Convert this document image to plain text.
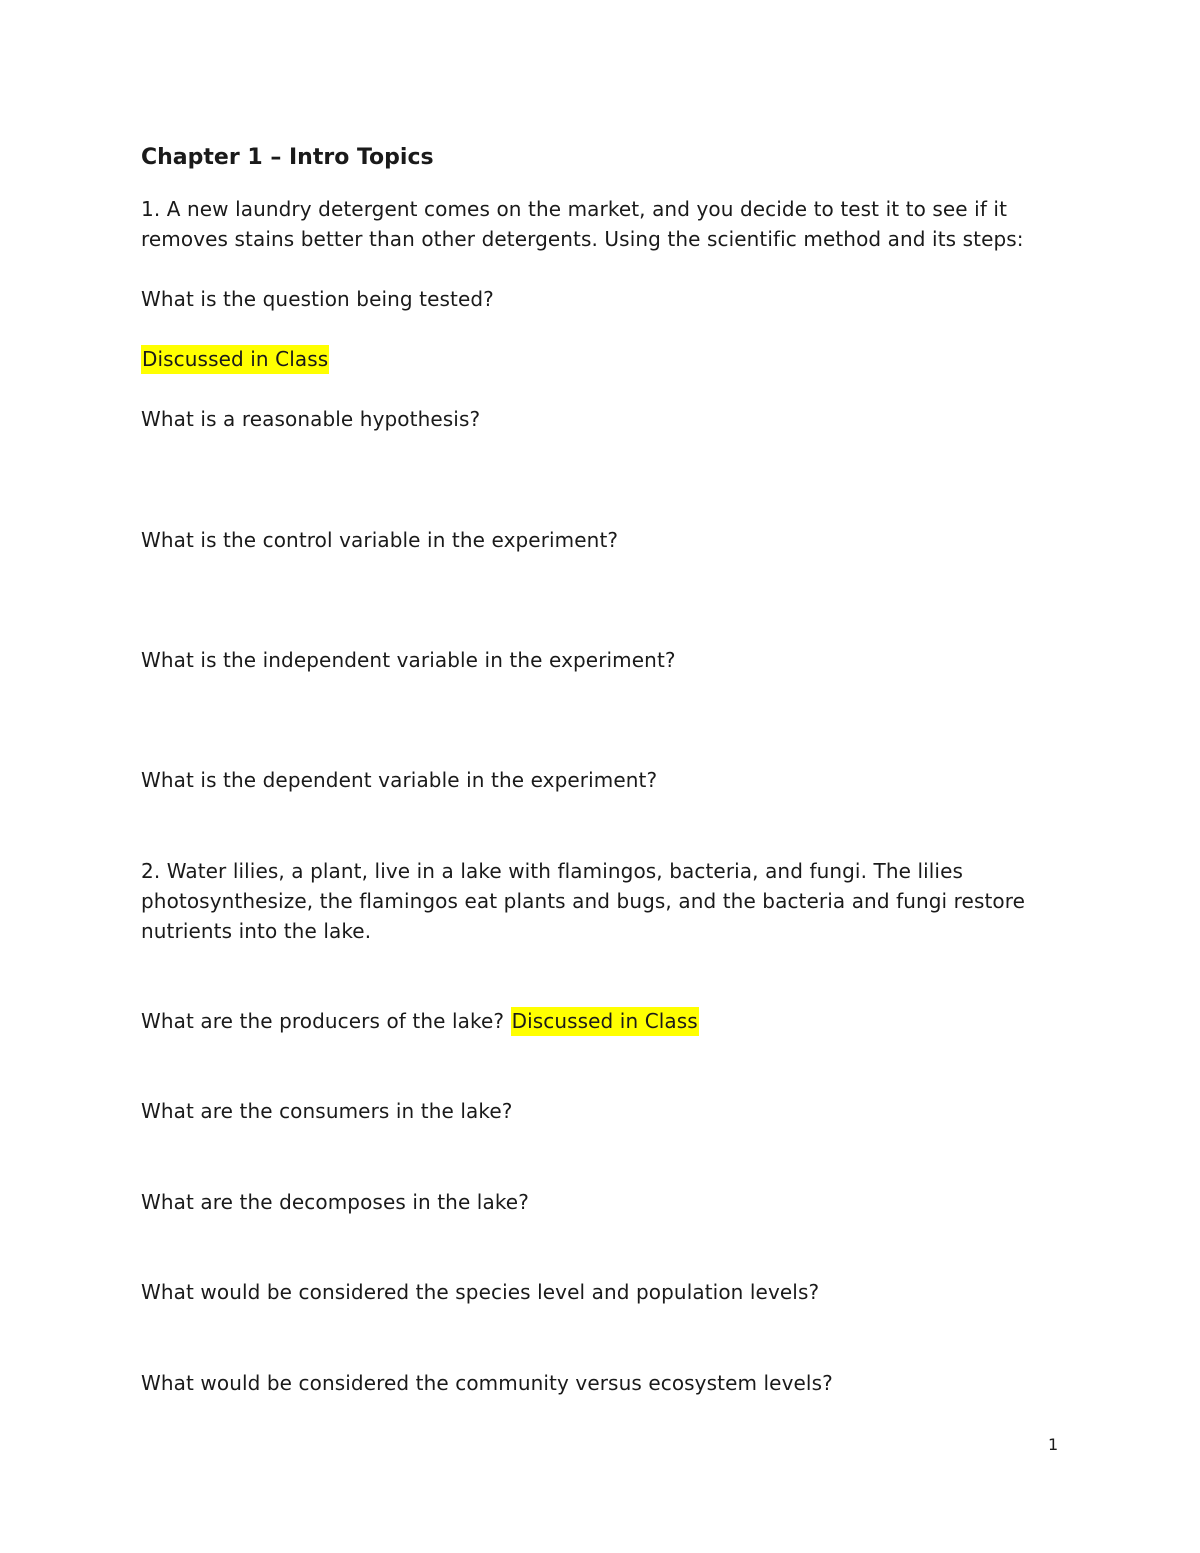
Chapter 1 – Intro Topics
1. A new laundry detergent comes on the market, and you decide to test it to see if it
removes stains better than other detergents. Using the scientific method and its steps:
What is the question being tested?
Discussed in Class
What is a reasonable hypothesis?
What is the control variable in the experiment?
What is the independent variable in the experiment?
What is the dependent variable in the experiment?
2. Water lilies, a plant, live in a lake with flamingos, bacteria, and fungi. The lilies
photosynthesize, the flamingos eat plants and bugs, and the bacteria and fungi restore
nutrients into the lake.
What are the producers of the lake? Discussed in Class
What are the consumers in the lake?
What are the decomposes in the lake?
What would be considered the species level and population levels?
What would be considered the community versus ecosystem levels?
1
